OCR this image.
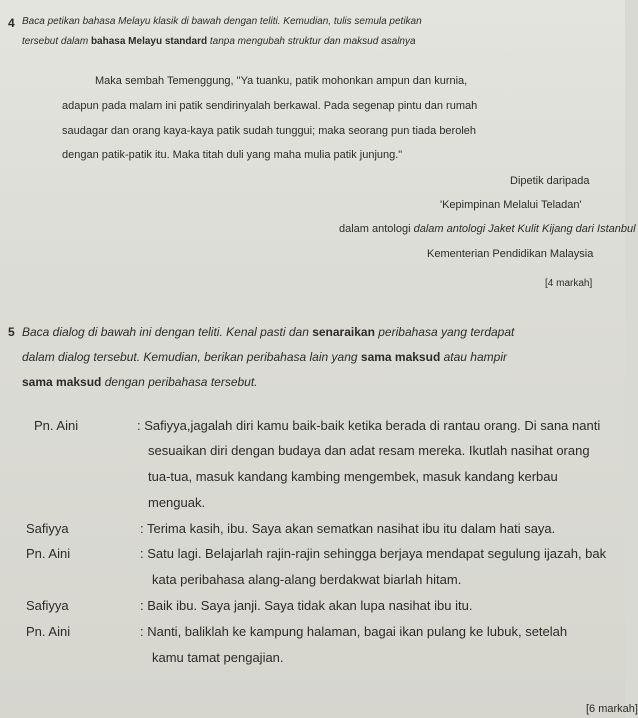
4 Baca petikan bahasa Melayu klasik di bawah dengan teliti. Kemudian, tulis semula petikan
tersebut dalam bahasa Melayu standard tanpa mengubah struktur dan maksud asalnya
Maka sembah Temenggung, "Ya tuanku, patik mohonkan ampun dan kurnia,
adapun pada malam ini patik sendirinyalah berkawal. Pada segenap pintu dan rumah
saudagar dan orang kaya-kaya patik sudah tunggui; maka seorang pun tiada beroleh
dengan patik-patik itu. Maka titah duli yang maha mulia patik junjung."
Dipetik daripada
'Kepimpinan Melalui Teladan'
dalam antologi dalam antologi Jaket Kulit Kijang dari Istanbul
Kementerian Pendidikan Malaysia
[4 markah]
5 Baca dialog di bawah ini dengan teliti. Kenal pasti dan senaraikan peribahasa yang terdapat
dalam dialog tersebut. Kemudian, berikan peribahasa lain yang sama maksud atau hampir
sama maksud dengan peribahasa tersebut.
Pn. Aini	: Safiyya,jagalah diri kamu baik-baik ketika berada di rantau orang. Di sana nanti
sesuaikan diri dengan budaya dan adat resam mereka. Ikutlah nasihat orang
tua-tua, masuk kandang kambing mengembek, masuk kandang kerbau
menguak.
Safiyya	: Terima kasih, ibu. Saya akan sematkan nasihat ibu itu dalam hati saya.
Pn. Aini	: Satu lagi. Belajarlah rajin-rajin sehingga berjaya mendapat segulung ijazah, bak
kata peribahasa alang-alang berdakwat biarlah hitam.
Safiyya	: Baik ibu. Saya janji. Saya tidak akan lupa nasihat ibu itu.
Pn. Aini	: Nanti, baliklah ke kampung halaman, bagai ikan pulang ke lubuk, setelah
kamu tamat pengajian.
[6 markah]
